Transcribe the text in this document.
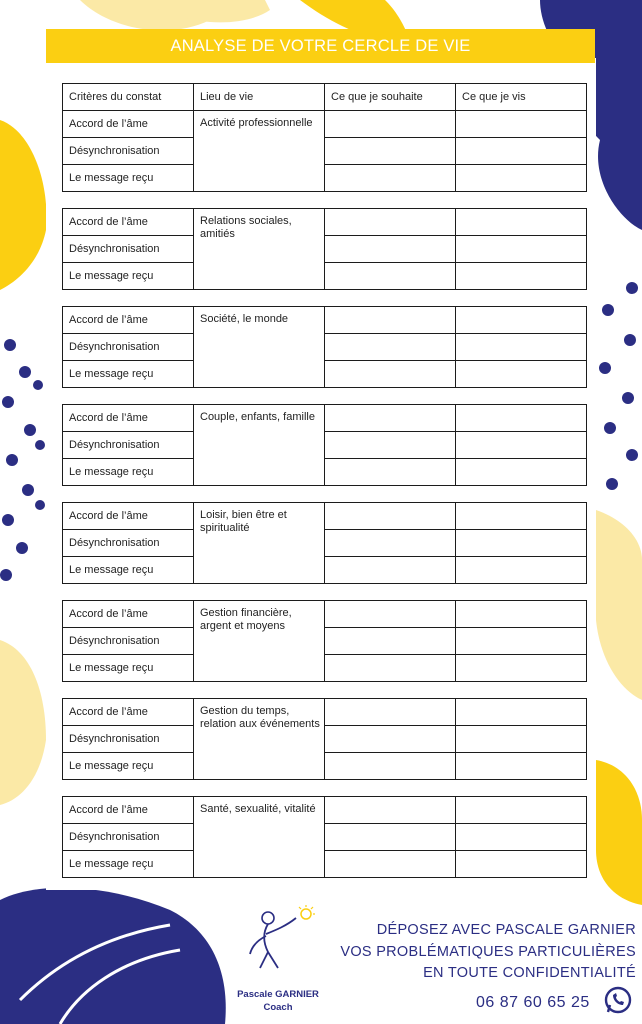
ANALYSE DE VOTRE CERCLE DE VIE
Critères du constat	Lieu de vie	Ce que je souhaite	Ce que je vis
Accord de l’âme	Activité professionnelle		
Désynchronisation			
Le message reçu			
Accord de l’âme	Relations sociales, amitiés		
Désynchronisation			
Le message reçu			
Accord de l’âme	Société, le monde		
Désynchronisation			
Le message reçu			
Accord de l’âme	Couple, enfants, famille		
Désynchronisation			
Le message reçu			
Accord de l’âme	Loisir, bien être et spiritualité		
Désynchronisation			
Le message reçu			
Accord de l’âme	Gestion financière, argent et moyens		
Désynchronisation			
Le message reçu			
Accord de l’âme	Gestion du temps, relation aux événements		
Désynchronisation			
Le message reçu			
Accord de l’âme	Santé, sexualité, vitalité		
Désynchronisation			
Le message reçu			
Pascale GARNIER
Coach
DÉPOSEZ AVEC PASCALE GARNIER
VOS PROBLÉMATIQUES PARTICULIÈRES
EN TOUTE CONFIDENTIALITÉ
06 87 60 65 25
